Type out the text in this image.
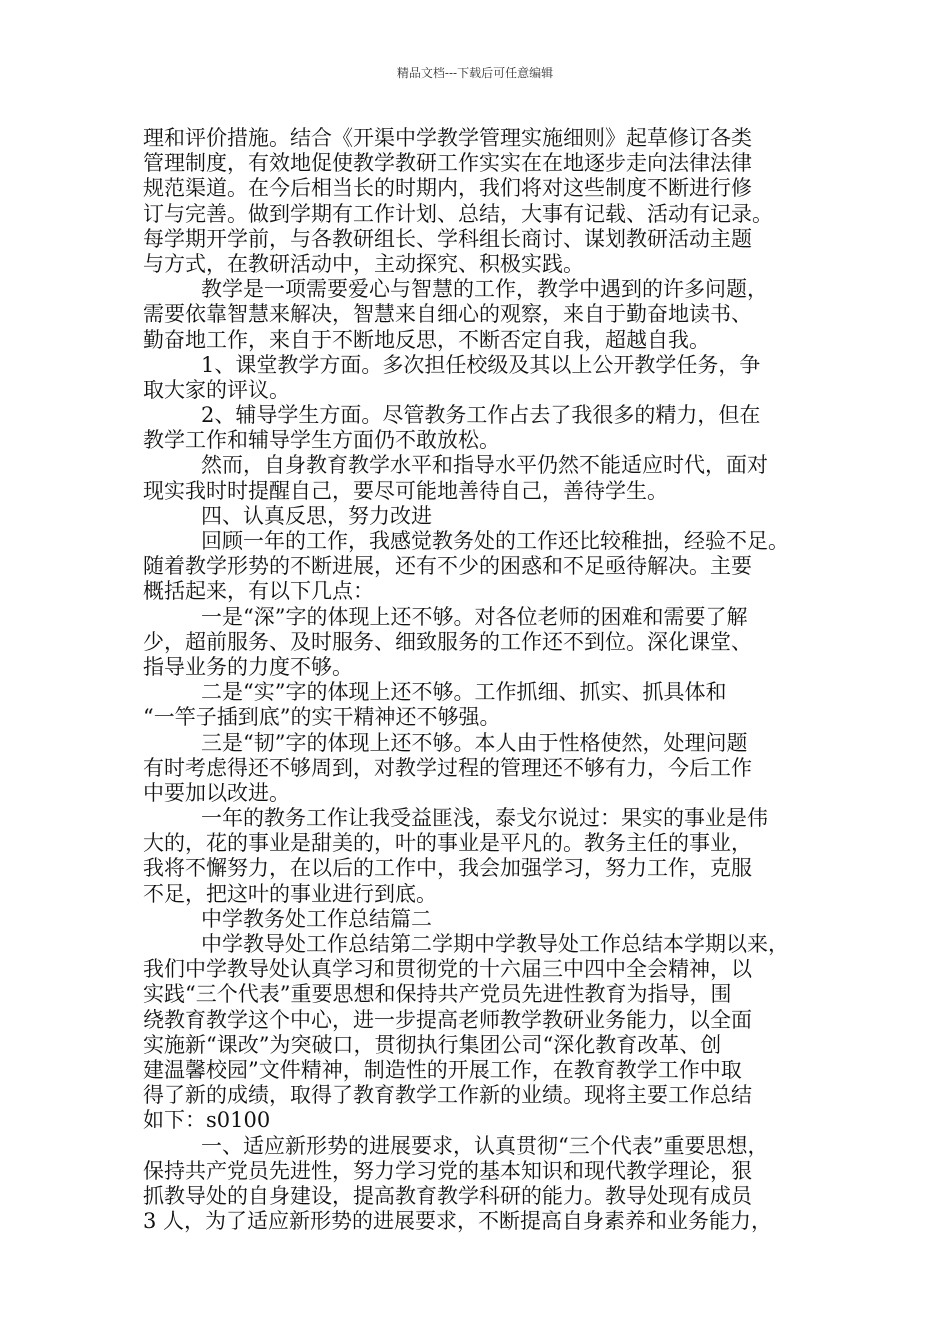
精品文档---下载后可任意编辑
理和评价措施。结合《开渠中学教学管理实施细则》起草修订各类
管理制度，有效地促使教学教研工作实实在在地逐步走向法律法律
规范渠道。在今后相当长的时期内，我们将对这些制度不断进行修
订与完善。做到学期有工作计划、总结，大事有记载、活动有记录。
每学期开学前，与各教研组长、学科组长商讨、谋划教研活动主题
与方式，在教研活动中，主动探究、积极实践。
教学是一项需要爱心与智慧的工作，教学中遇到的许多问题，
需要依靠智慧来解决，智慧来自细心的观察，来自于勤奋地读书、
勤奋地工作，来自于不断地反思，不断否定自我，超越自我。
1、课堂教学方面。多次担任校级及其以上公开教学任务，争
取大家的评议。
2、辅导学生方面。尽管教务工作占去了我很多的精力，但在
教学工作和辅导学生方面仍不敢放松。
然而，自身教育教学水平和指导水平仍然不能适应时代，面对
现实我时时提醒自己，要尽可能地善待自己，善待学生。
四、认真反思，努力改进
回顾一年的工作，我感觉教务处的工作还比较稚拙，经验不足。
随着教学形势的不断进展，还有不少的困惑和不足亟待解决。主要
概括起来，有以下几点：
一是“深”字的体现上还不够。对各位老师的困难和需要了解
少，超前服务、及时服务、细致服务的工作还不到位。深化课堂、
指导业务的力度不够。
二是“实”字的体现上还不够。工作抓细、抓实、抓具体和
“一竿子插到底”的实干精神还不够强。
三是“韧”字的体现上还不够。本人由于性格使然，处理问题
有时考虑得还不够周到，对教学过程的管理还不够有力，今后工作
中要加以改进。
一年的教务工作让我受益匪浅，泰戈尔说过：果实的事业是伟
大的，花的事业是甜美的，叶的事业是平凡的。教务主任的事业，
我将不懈努力，在以后的工作中，我会加强学习，努力工作，克服
不足，把这叶的事业进行到底。
中学教务处工作总结篇二
中学教导处工作总结第二学期中学教导处工作总结本学期以来，
我们中学教导处认真学习和贯彻党的十六届三中四中全会精神，以
实践“三个代表”重要思想和保持共产党员先进性教育为指导，围
绕教育教学这个中心，进一步提高老师教学教研业务能力，以全面
实施新“课改”为突破口，贯彻执行集团公司“深化教育改革、创
建温馨校园”文件精神，制造性的开展工作，在教育教学工作中取
得了新的成绩，取得了教育教学工作新的业绩。现将主要工作总结
如下：s0100
一、适应新形势的进展要求，认真贯彻“三个代表”重要思想，
保持共产党员先进性，努力学习党的基本知识和现代教学理论，狠
抓教导处的自身建设，提高教育教学科研的能力。教导处现有成员
3 人，为了适应新形势的进展要求，不断提高自身素养和业务能力，
